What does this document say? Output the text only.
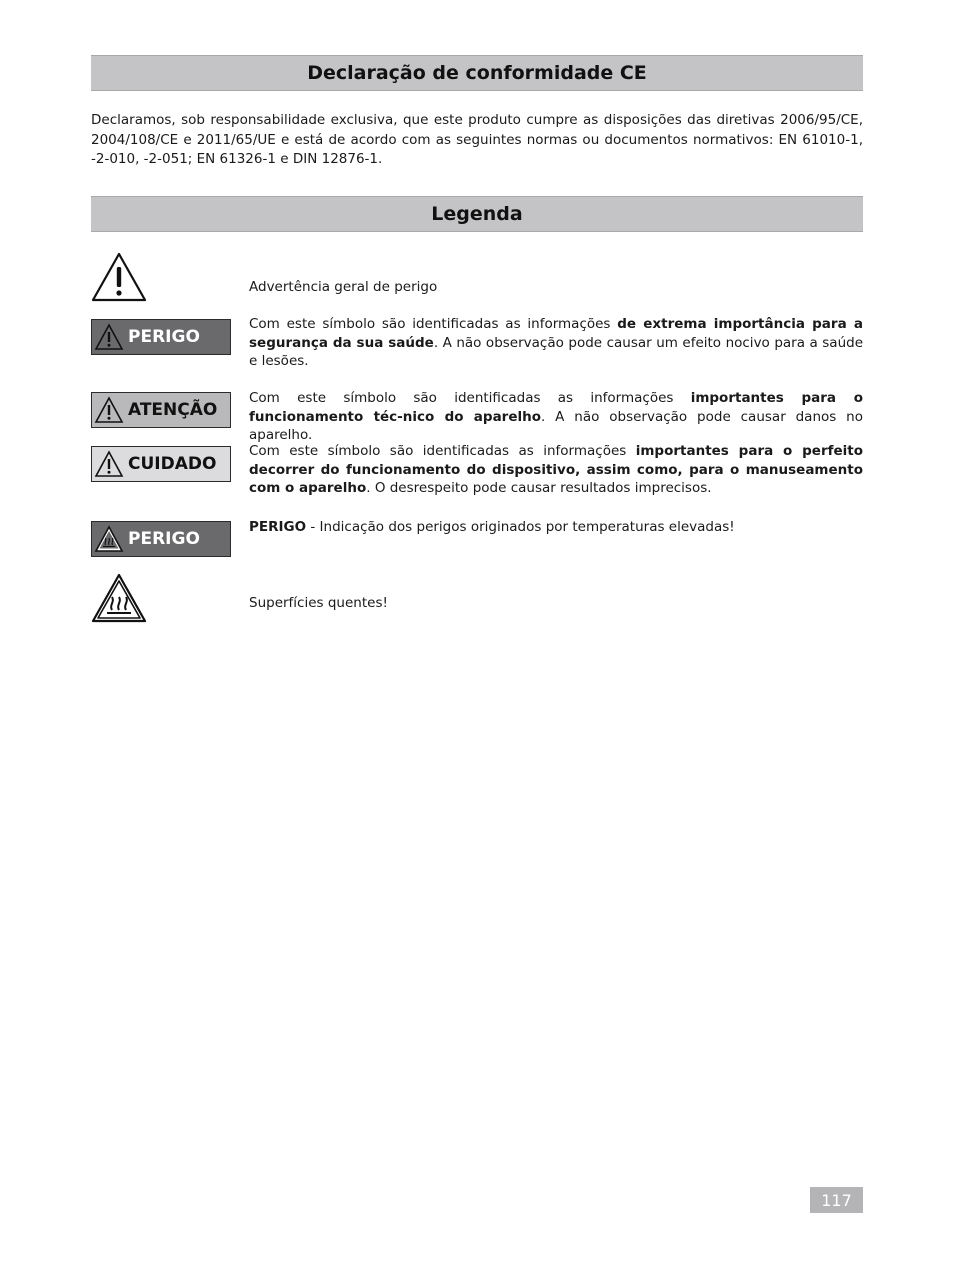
Declaração de conformidade CE

Declaramos, sob responsabilidade exclusiva, que este produto cumpre as disposições das diretivas 2006/95/CE, 2004/108/CE e 2011/65/UE e está de acordo com as seguintes normas ou documentos normativos: EN 61010-1, -2-010, -2-051; EN 61326-1 e DIN 12876-1.

Legenda

Advertência geral de perigo

PERIGO

Com este símbolo são identificadas as informações de extrema importância para a segurança da sua saúde. A não observação pode causar um efeito nocivo para a saúde e lesões.

ATENÇÃO

Com este símbolo são identificadas as informações importantes para o funcionamento téc-nico do aparelho. A não observação pode causar danos no aparelho.

CUIDADO

Com este símbolo são identificadas as informações importantes para o perfeito decorrer do funcionamento do dispositivo, assim como, para o manuseamento com o aparelho. O desrespeito pode causar resultados imprecisos.

PERIGO

PERIGO - Indicação dos perigos originados por temperaturas elevadas!

Superfícies quentes!

117
